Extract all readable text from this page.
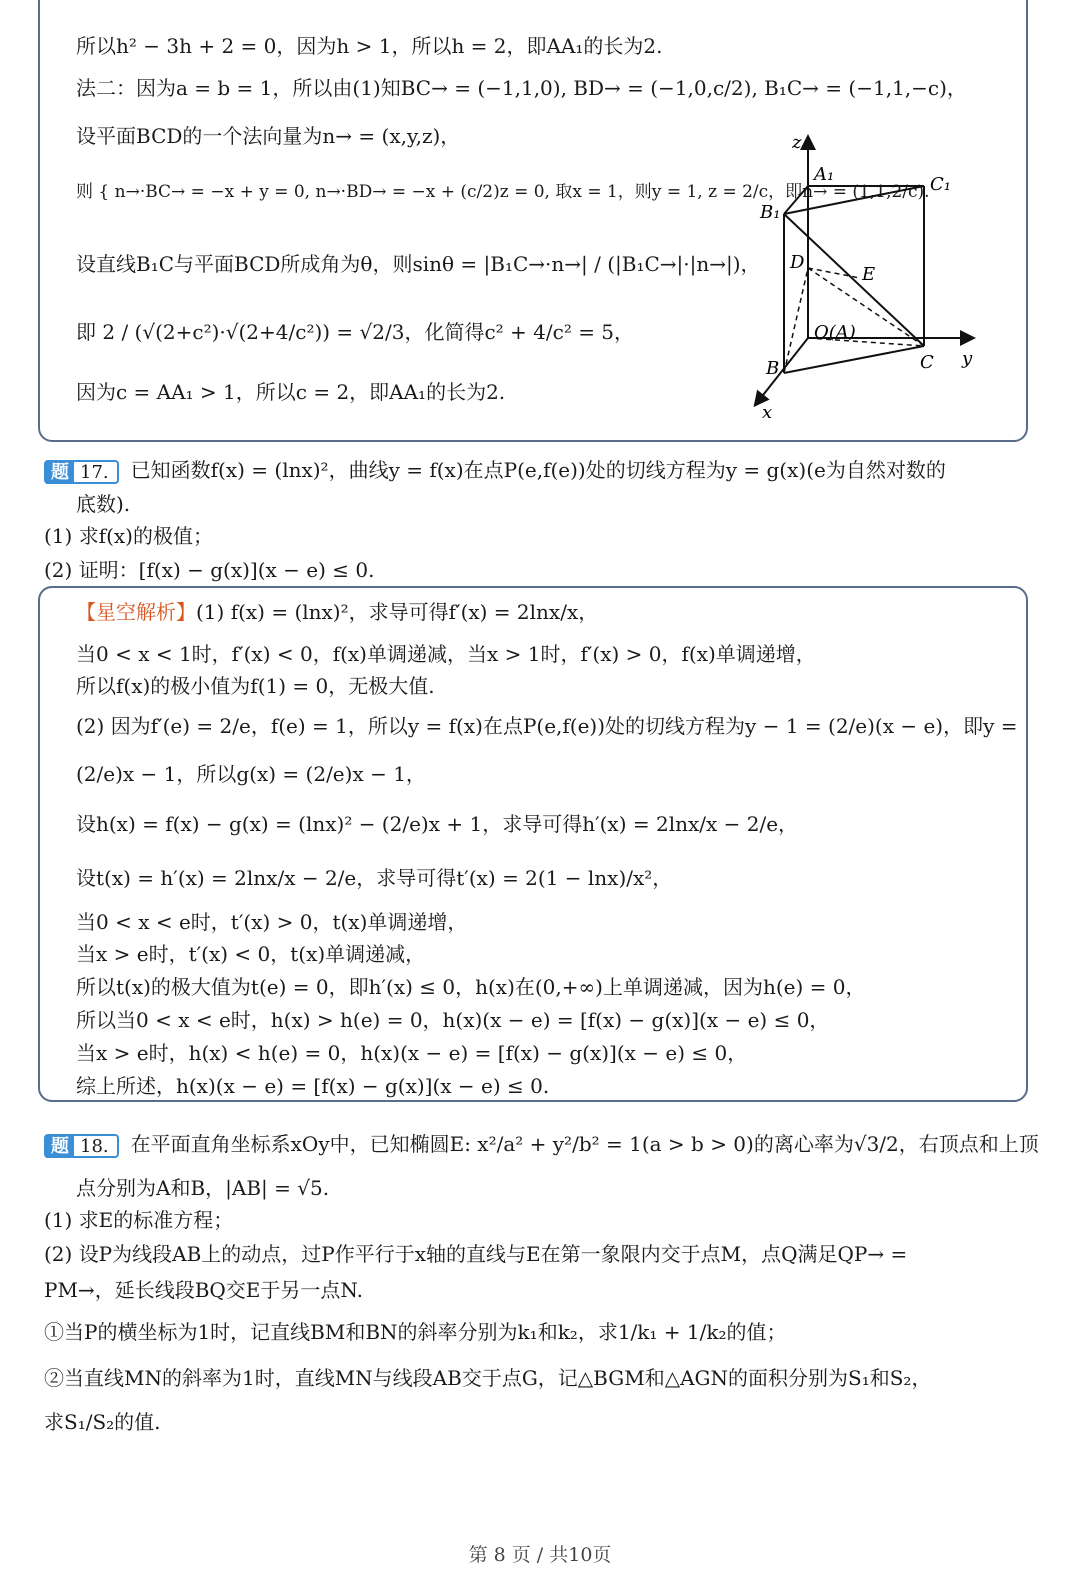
所以h² − 3h + 2 = 0，因为h > 1，所以h = 2，即AA₁的长为2.
法二：因为a = b = 1，所以由(1)知BC→ = (−1,1,0), BD→ = (−1,0,c/2), B₁C→ = (−1,1,−c)，
设平面BCD的一个法向量为n→ = (x,y,z)，
则 { n→·BC→ = −x + y = 0, n→·BD→ = −x + (c/2)z = 0, 取x = 1，则y = 1, z = 2/c，即n→ = (1,1,2/c).
设直线B₁C与平面BCD所成角为θ，则sinθ = |B₁C→·n→| / (|B₁C→|·|n→|)，
即 2 / (√(2+c²)·√(2+4/c²)) = √2/3，化简得c² + 4/c² = 5，
因为c = AA₁ > 1，所以c = 2，即AA₁的长为2.
z
A₁	C₁
B₁
D
E
O(A)
B	C y
x
题 17. 已知函数f(x) = (lnx)²，曲线y = f(x)在点P(e,f(e))处的切线方程为y = g(x)(e为自然对数的
底数).
(1) 求f(x)的极值；
(2) 证明：[f(x) − g(x)](x − e) ≤ 0.
【星空解析】(1) f(x) = (lnx)²，求导可得f′(x) = 2lnx/x，
当0 < x < 1时，f′(x) < 0，f(x)单调递减，当x > 1时，f′(x) > 0，f(x)单调递增，
所以f(x)的极小值为f(1) = 0，无极大值.
(2) 因为f′(e) = 2/e，f(e) = 1，所以y = f(x)在点P(e,f(e))处的切线方程为y − 1 = (2/e)(x − e)，即y =
(2/e)x − 1，所以g(x) = (2/e)x − 1，
设h(x) = f(x) − g(x) = (lnx)² − (2/e)x + 1，求导可得h′(x) = 2lnx/x − 2/e，
设t(x) = h′(x) = 2lnx/x − 2/e，求导可得t′(x) = 2(1 − lnx)/x²，
当0 < x < e时，t′(x) > 0，t(x)单调递增，
当x > e时，t′(x) < 0，t(x)单调递减，
所以t(x)的极大值为t(e) = 0，即h′(x) ≤ 0，h(x)在(0,+∞)上单调递减，因为h(e) = 0，
所以当0 < x < e时，h(x) > h(e) = 0，h(x)(x − e) = [f(x) − g(x)](x − e) ≤ 0，
当x > e时，h(x) < h(e) = 0，h(x)(x − e) = [f(x) − g(x)](x − e) ≤ 0，
综上所述，h(x)(x − e) = [f(x) − g(x)](x − e) ≤ 0.
题 18. 在平面直角坐标系xOy中，已知椭圆E: x²/a² + y²/b² = 1(a > b > 0)的离心率为√3/2，右顶点和上顶
点分别为A和B，|AB| = √5.
(1) 求E的标准方程；
(2) 设P为线段AB上的动点，过P作平行于x轴的直线与E在第一象限内交于点M，点Q满足QP→ =
PM→，延长线段BQ交E于另一点N.
①当P的横坐标为1时，记直线BM和BN的斜率分别为k₁和k₂，求1/k₁ + 1/k₂的值；
②当直线MN的斜率为1时，直线MN与线段AB交于点G，记△BGM和△AGN的面积分别为S₁和S₂，
求S₁/S₂的值.
第 8 页 / 共10页
